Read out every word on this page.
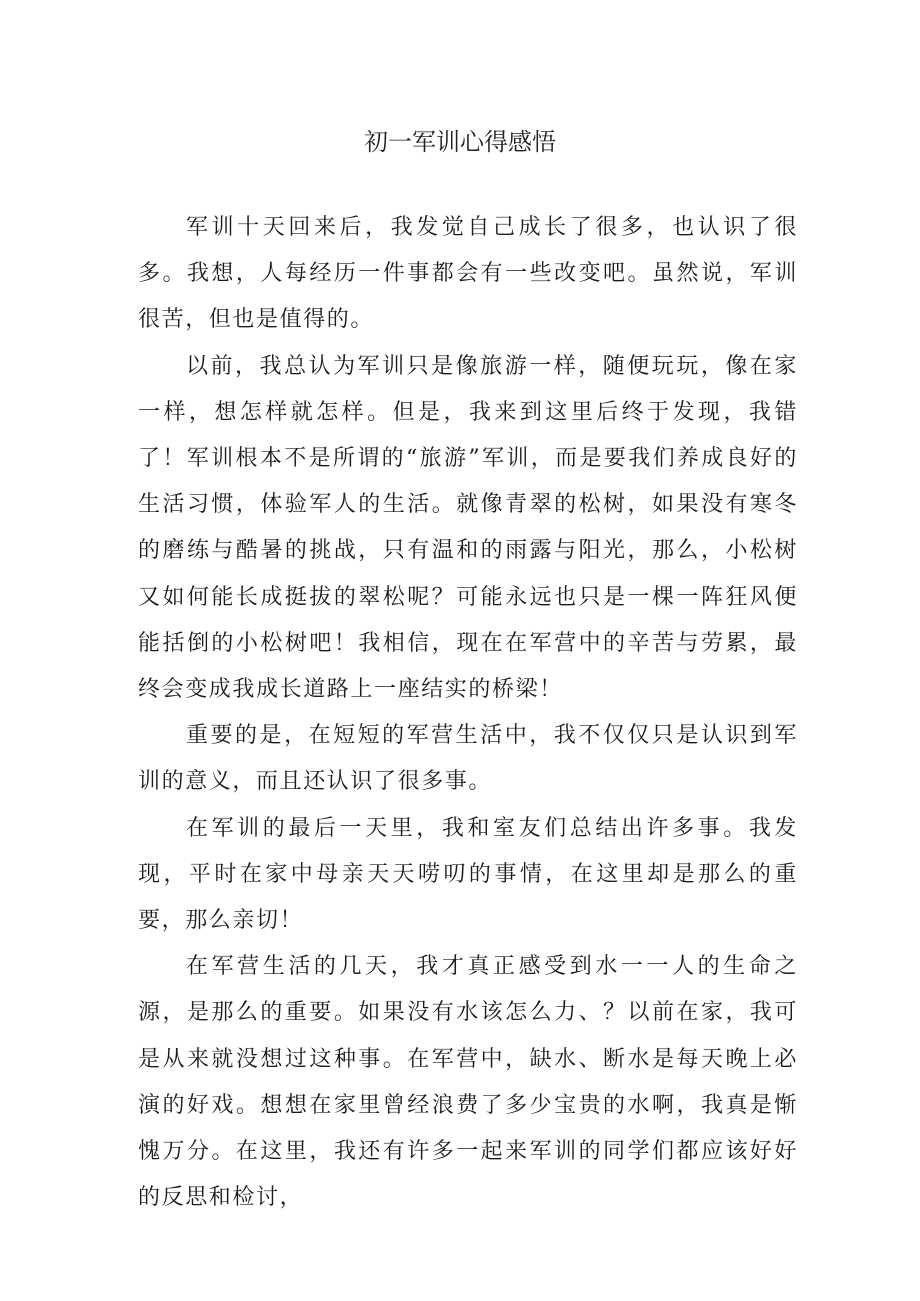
初一军训心得感悟

军训十天回来后，我发觉自己成长了很多，也认识了很多。我想，人每经历一件事都会有一些改变吧。虽然说，军训很苦，但也是值得的。

以前，我总认为军训只是像旅游一样，随便玩玩，像在家一样，想怎样就怎样。但是，我来到这里后终于发现，我错了！军训根本不是所谓的“旅游”军训，而是要我们养成良好的生活习惯，体验军人的生活。就像青翠的松树，如果没有寒冬的磨练与酷暑的挑战，只有温和的雨露与阳光，那么，小松树又如何能长成挺拔的翠松呢？可能永远也只是一棵一阵狂风便能括倒的小松树吧！我相信，现在在军营中的辛苦与劳累，最终会变成我成长道路上一座结实的桥梁！

重要的是，在短短的军营生活中，我不仅仅只是认识到军训的意义，而且还认识了很多事。

在军训的最后一天里，我和室友们总结出许多事。我发现，平时在家中母亲天天唠叨的事情，在这里却是那么的重要，那么亲切！

在军营生活的几天，我才真正感受到水一一人的生命之源，是那么的重要。如果没有水该怎么力、？以前在家，我可是从来就没想过这种事。在军营中，缺水、断水是每天晚上必演的好戏。想想在家里曾经浪费了多少宝贵的水啊，我真是惭愧万分。在这里，我还有许多一起来军训的同学们都应该好好的反思和检讨，
